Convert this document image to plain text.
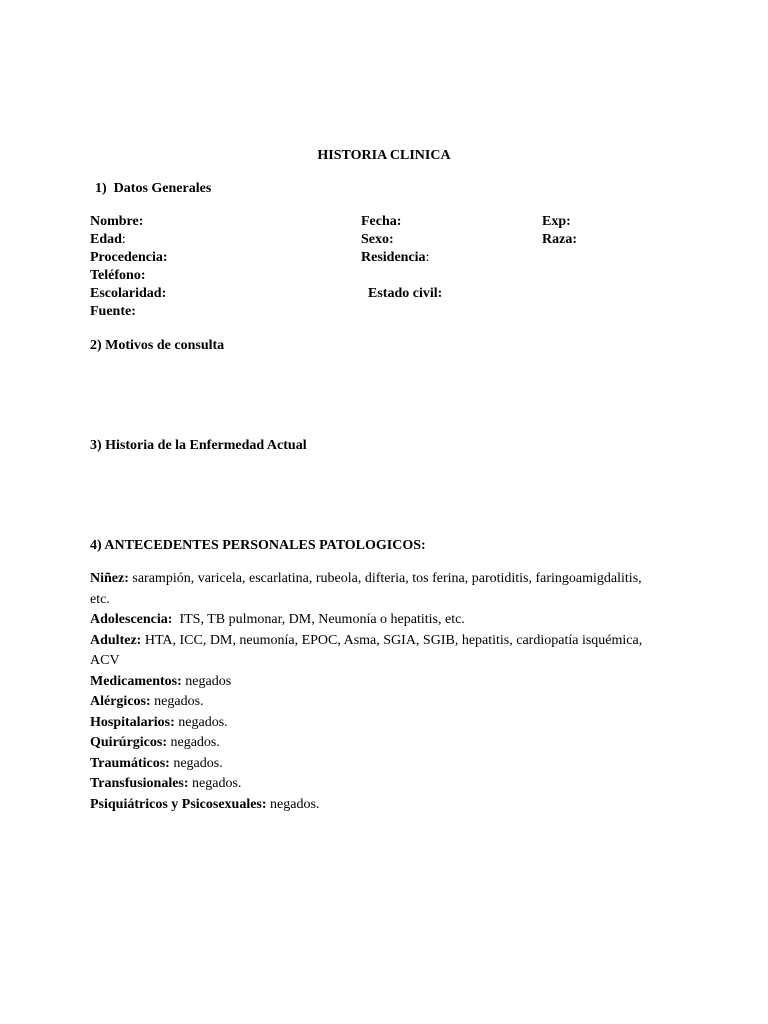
HISTORIA CLINICA
1) Datos Generales
Nombre:	Fecha:	Exp:
Edad:	Sexo:	Raza:
Procedencia:	Residencia:
Teléfono:
Escolaridad:	Estado civil:
Fuente:
2) Motivos de consulta
3) Historia de la Enfermedad Actual
4) ANTECEDENTES PERSONALES PATOLOGICOS:

Niñez: sarampión, varicela, escarlatina, rubeola, difteria, tos ferina, parotiditis, faringoamigdalitis, etc.

Adolescencia:  ITS, TB pulmonar, DM, Neumonía o hepatitis, etc.

Adultez: HTA, ICC, DM, neumonía, EPOC, Asma, SGIA, SGIB, hepatitis, cardiopatía isquémica, ACV

Medicamentos: negados

Alérgicos: negados.

Hospitalarios: negados.

Quirúrgicos: negados.

Traumáticos: negados.

Transfusionales: negados.

Psiquiátricos y Psicosexuales: negados.
